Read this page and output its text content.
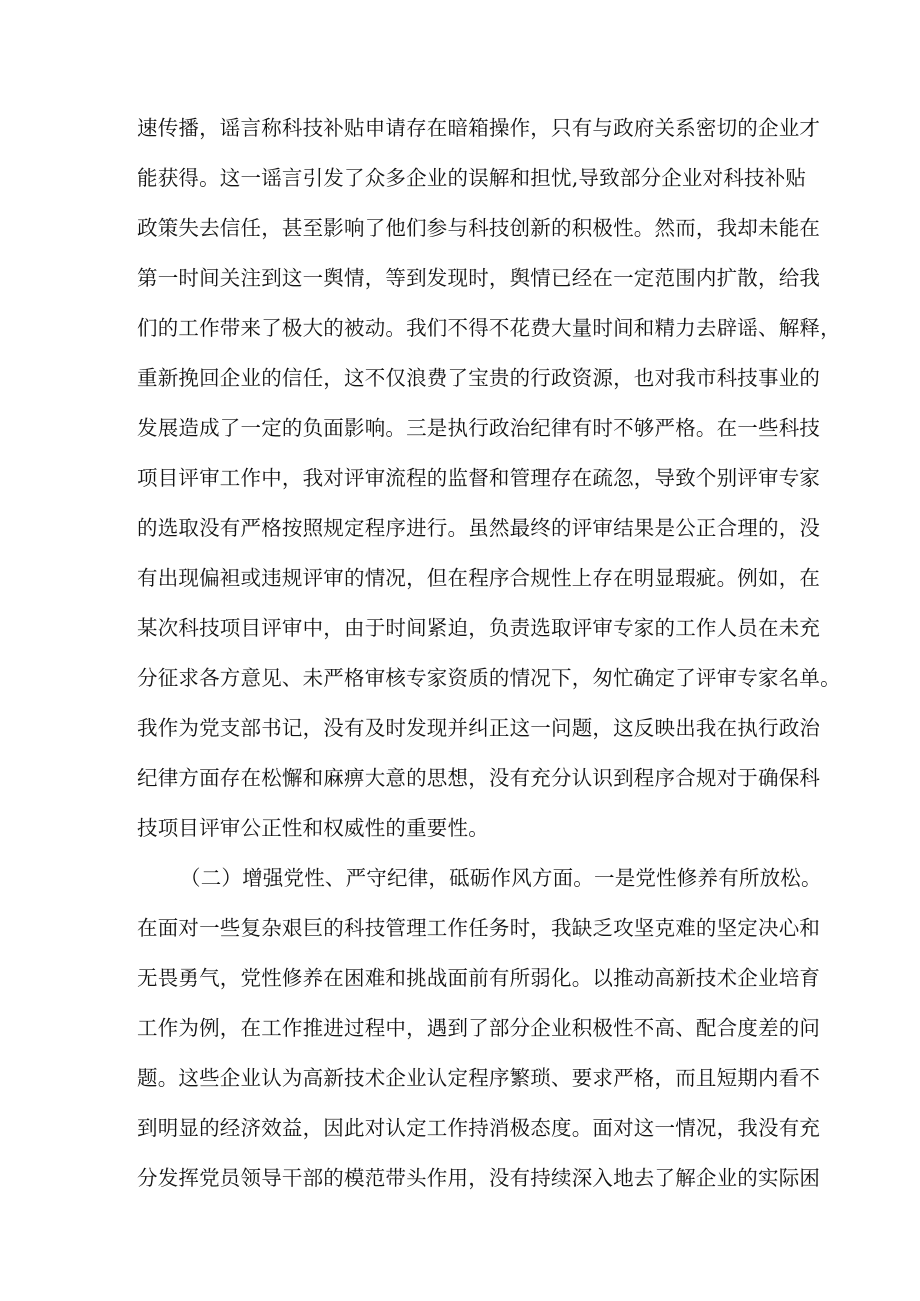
速传播，谣言称科技补贴申请存在暗箱操作，只有与政府关系密切的企业才
能获得。这一谣言引发了众多企业的误解和担忧,导致部分企业对科技补贴
政策失去信任，甚至影响了他们参与科技创新的积极性。然而，我却未能在
第一时间关注到这一舆情，等到发现时，舆情已经在一定范围内扩散，给我
们的工作带来了极大的被动。我们不得不花费大量时间和精力去辟谣、解释，
重新挽回企业的信任，这不仅浪费了宝贵的行政资源，也对我市科技事业的
发展造成了一定的负面影响。三是执行政治纪律有时不够严格。在一些科技
项目评审工作中，我对评审流程的监督和管理存在疏忽，导致个别评审专家
的选取没有严格按照规定程序进行。虽然最终的评审结果是公正合理的，没
有出现偏袒或违规评审的情况，但在程序合规性上存在明显瑕疵。例如，在
某次科技项目评审中，由于时间紧迫，负责选取评审专家的工作人员在未充
分征求各方意见、未严格审核专家资质的情况下，匆忙确定了评审专家名单。
我作为党支部书记，没有及时发现并纠正这一问题，这反映出我在执行政治
纪律方面存在松懈和麻痹大意的思想，没有充分认识到程序合规对于确保科
技项目评审公正性和权威性的重要性。
（二）增强党性、严守纪律，砥砺作风方面。一是党性修养有所放松。
在面对一些复杂艰巨的科技管理工作任务时，我缺乏攻坚克难的坚定决心和
无畏勇气，党性修养在困难和挑战面前有所弱化。以推动高新技术企业培育
工作为例，在工作推进过程中，遇到了部分企业积极性不高、配合度差的问
题。这些企业认为高新技术企业认定程序繁琐、要求严格，而且短期内看不
到明显的经济效益，因此对认定工作持消极态度。面对这一情况，我没有充
分发挥党员领导干部的模范带头作用，没有持续深入地去了解企业的实际困
